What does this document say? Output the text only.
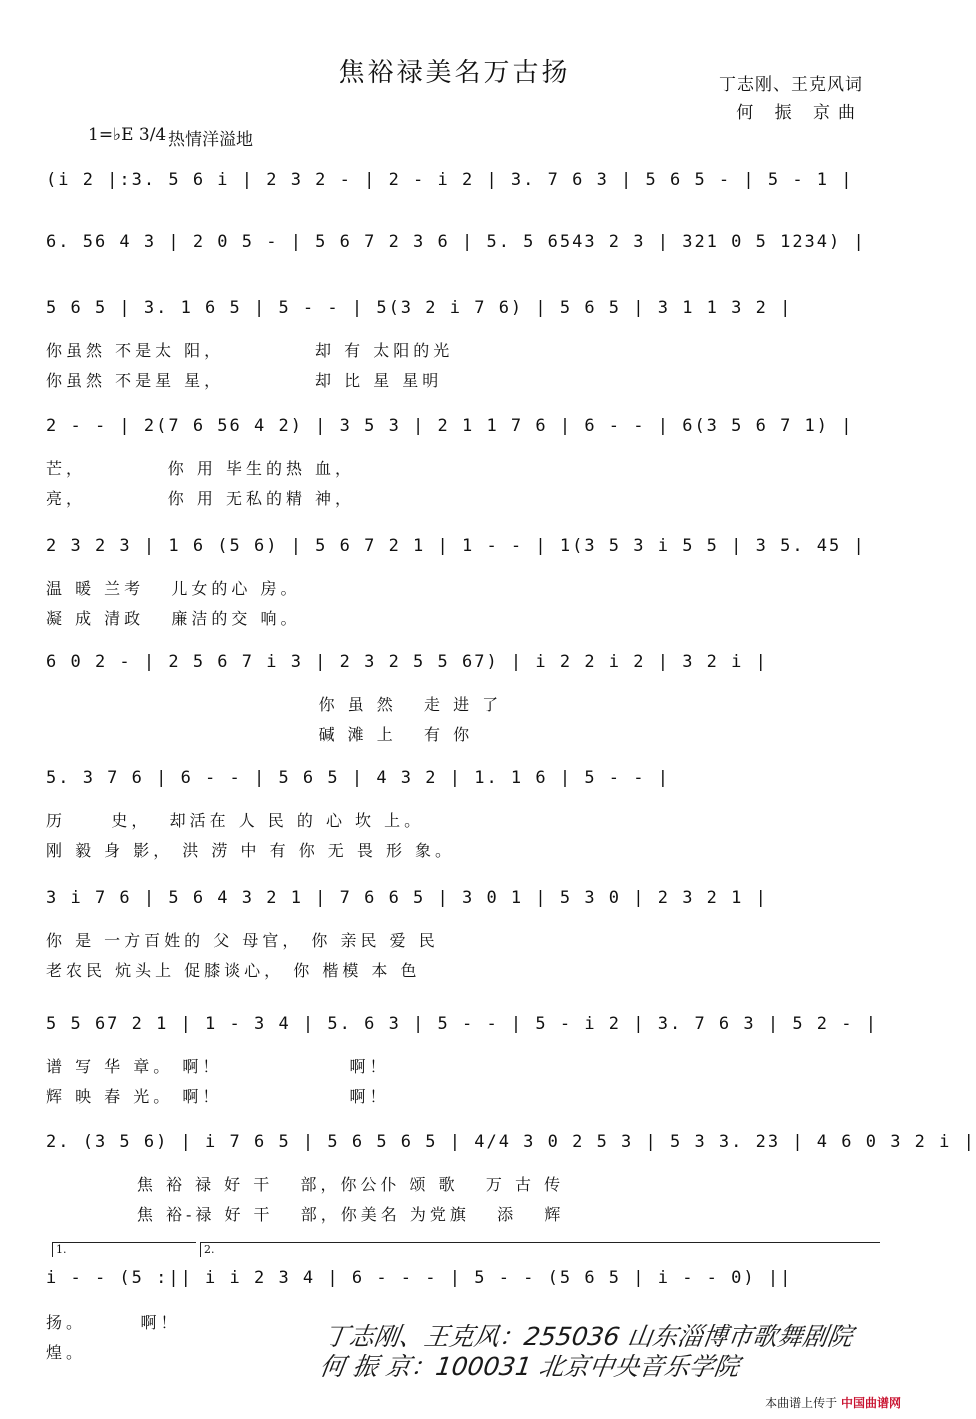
焦裕禄美名万古扬	丁志刚、王克风词
何 振 京曲
1=♭E 3/4 热情洋溢地
(i 2 |:3. 5 6 i | 2 3 2 - | 2 - i 2 | 3. 7 6 3 | 5 6 5 - | 5 - 1 |
6. 56 4 3 | 2 0 5 - | 5 6 7 2 3 6 | 5. 5 6543 2 3 | 321 0 5 1234) |
5 6 5 | 3. 1 6 5 | 5 - - | 5(3 2 i 7 6) | 5 6 5 | 3 1 1 3 2 |
你虽然 不是太 阳，          却 有 太阳的光
你虽然 不是星 星，          却 比 星 星明
2 - - | 2(7 6 56 4 2) | 3 5 3 | 2 1 1 7 6 | 6 - - | 6(3 5 6 7 1) |
芒，         你 用 毕生的热 血，
亮，         你 用 无私的精 神，
2 3 2 3 | 1 6 (5 6) | 5 6 7 2 1 | 1 - - | 1(3 5 3 i 5 5 | 3 5. 45 |
温 暖 兰考   儿女的心 房。
凝 成 清政   廉洁的交 响。
6 0 2 - | 2 5 6 7 i 3 | 2 3 2 5 5 67) | i 2 2 i 2 | 3 2 i |
你 虽 然   走 进 了
碱 滩 上   有 你
5. 3 7 6 | 6 - - | 5 6 5 | 4 3 2 | 1. 1 6 | 5 - - |
历     史，  却活在 人 民 的 心 坎 上。
刚 毅 身 影， 洪 涝 中 有 你 无 畏 形 象。
3 i 7 6 | 5 6 4 3 2 1 | 7 6 6 5 | 3 0 1 | 5 3 0 | 2 3 2 1 |
你 是 一方百姓的 父 母官， 你 亲民 爱 民
老农民 炕头上 促膝谈心， 你 楷模 本 色
5 5 67 2 1 | 1 - 3 4 | 5. 6 3 | 5 - - | 5 - i 2 | 3. 7 6 3 | 5 2 - |
谱 写 华 章。 啊！              啊！
辉 映 春 光。 啊！              啊！
2. (3 5 6) | i 7 6 5 | 5 6 5 6 5 | 4/4 3 0 2 5 3 | 5 3 3. 23 | 4 6 0 3 2 i |
焦 裕 禄 好 干   部，你公仆 颂 歌   万 古 传
焦 裕-禄 好 干   部，你美名 为党旗   添   辉
i - - (5 :|| i i 2 3 4 | 6 - - - | 5 - - (5 6 5 | i - - 0) ||
1.	2.
扬。      啊！
煌。
丁志刚、王克风：255036 山东淄博市歌舞剧院
何 振 京：100031 北京中央音乐学院
本曲谱上传于 中国曲谱网
